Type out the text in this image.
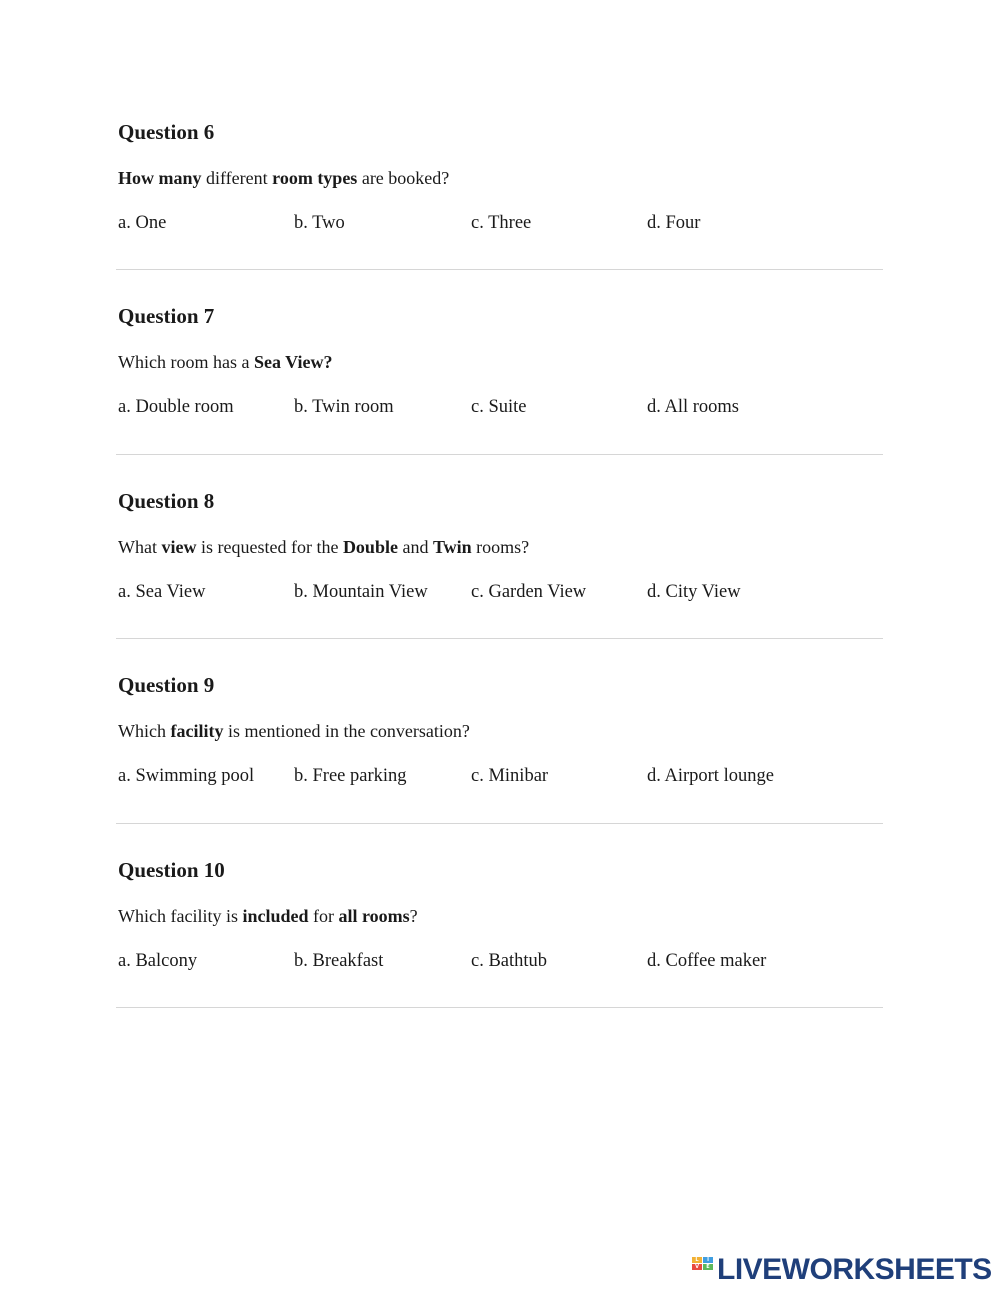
Question 6
How many different room types are booked?
a. One	b. Two	c. Three	d. Four
Question 7
Which room has a Sea View?
a. Double room	b. Twin room	c. Suite	d. All rooms
Question 8
What view is requested for the Double and Twin rooms?
a. Sea View	b. Mountain View c. Garden View	d. City View
Question 9
Which facility is mentioned in the conversation?
a. Swimming pool b. Free parking	c. Minibar	d. Airport lounge
Question 10
Which facility is included for all rooms?
a. Balcony	b. Breakfast	c. Bathtub	d. Coffee maker
L	I
V	E LIVEWORKSHEETS
